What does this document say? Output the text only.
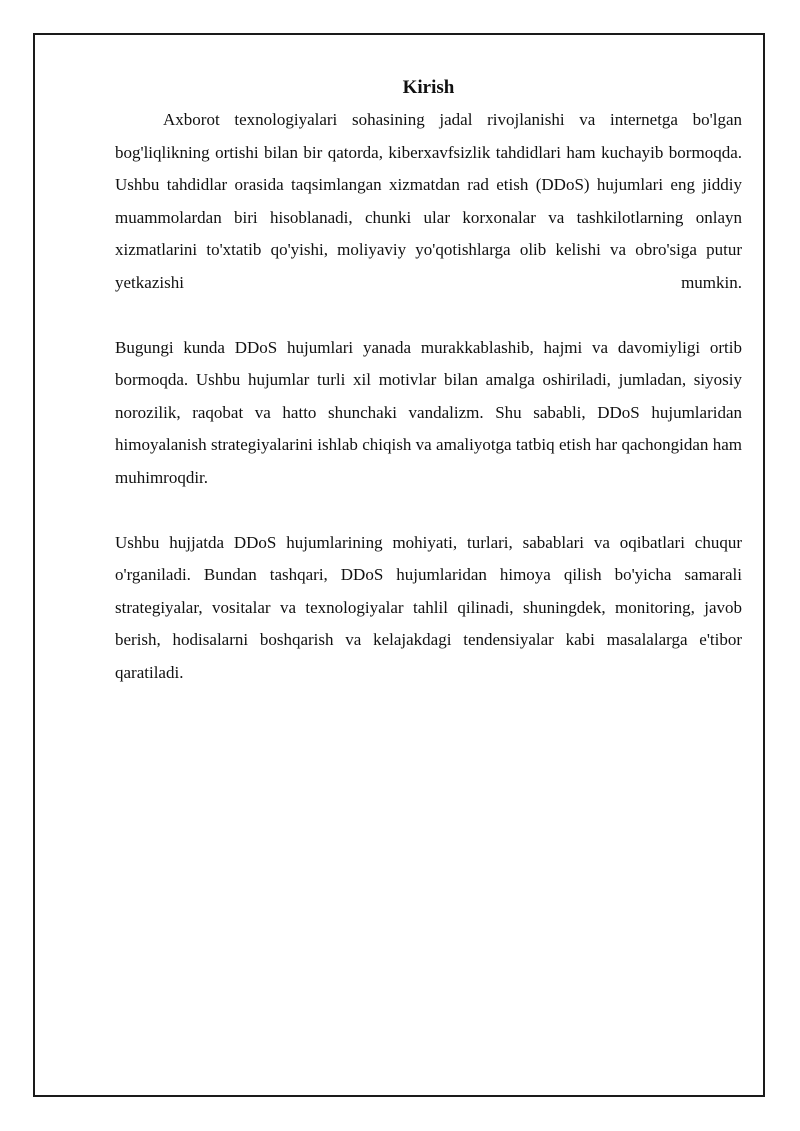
Kirish

Axborot texnologiyalari sohasining jadal rivojlanishi va internetga bo'lgan bog'liqlikning ortishi bilan bir qatorda, kiberxavfsizlik tahdidlari ham kuchayib bormoqda. Ushbu tahdidlar orasida taqsimlangan xizmatdan rad etish (DDoS) hujumlari eng jiddiy muammolardan biri hisoblanadi, chunki ular korxonalar va tashkilotlarning onlayn xizmatlarini to'xtatib qo'yishi, moliyaviy yo'qotishlarga olib kelishi va obro'siga putur yetkazishi mumkin.

Bugungi kunda DDoS hujumlari yanada murakkablashib, hajmi va davomiyligi ortib bormoqda. Ushbu hujumlar turli xil motivlar bilan amalga oshiriladi, jumladan, siyosiy norozilik, raqobat va hatto shunchaki vandalizm. Shu sababli, DDoS hujumlaridan himoyalanish strategiyalarini ishlab chiqish va amaliyotga tatbiq etish har qachongidan ham muhimroqdir.

Ushbu hujjatda DDoS hujumlarining mohiyati, turlari, sabablari va oqibatlari chuqur o'rganiladi. Bundan tashqari, DDoS hujumlaridan himoya qilish bo'yicha samarali strategiyalar, vositalar va texnologiyalar tahlil qilinadi, shuningdek, monitoring, javob berish, hodisalarni boshqarish va kelajakdagi tendensiyalar kabi masalalarga e'tibor qaratiladi.
